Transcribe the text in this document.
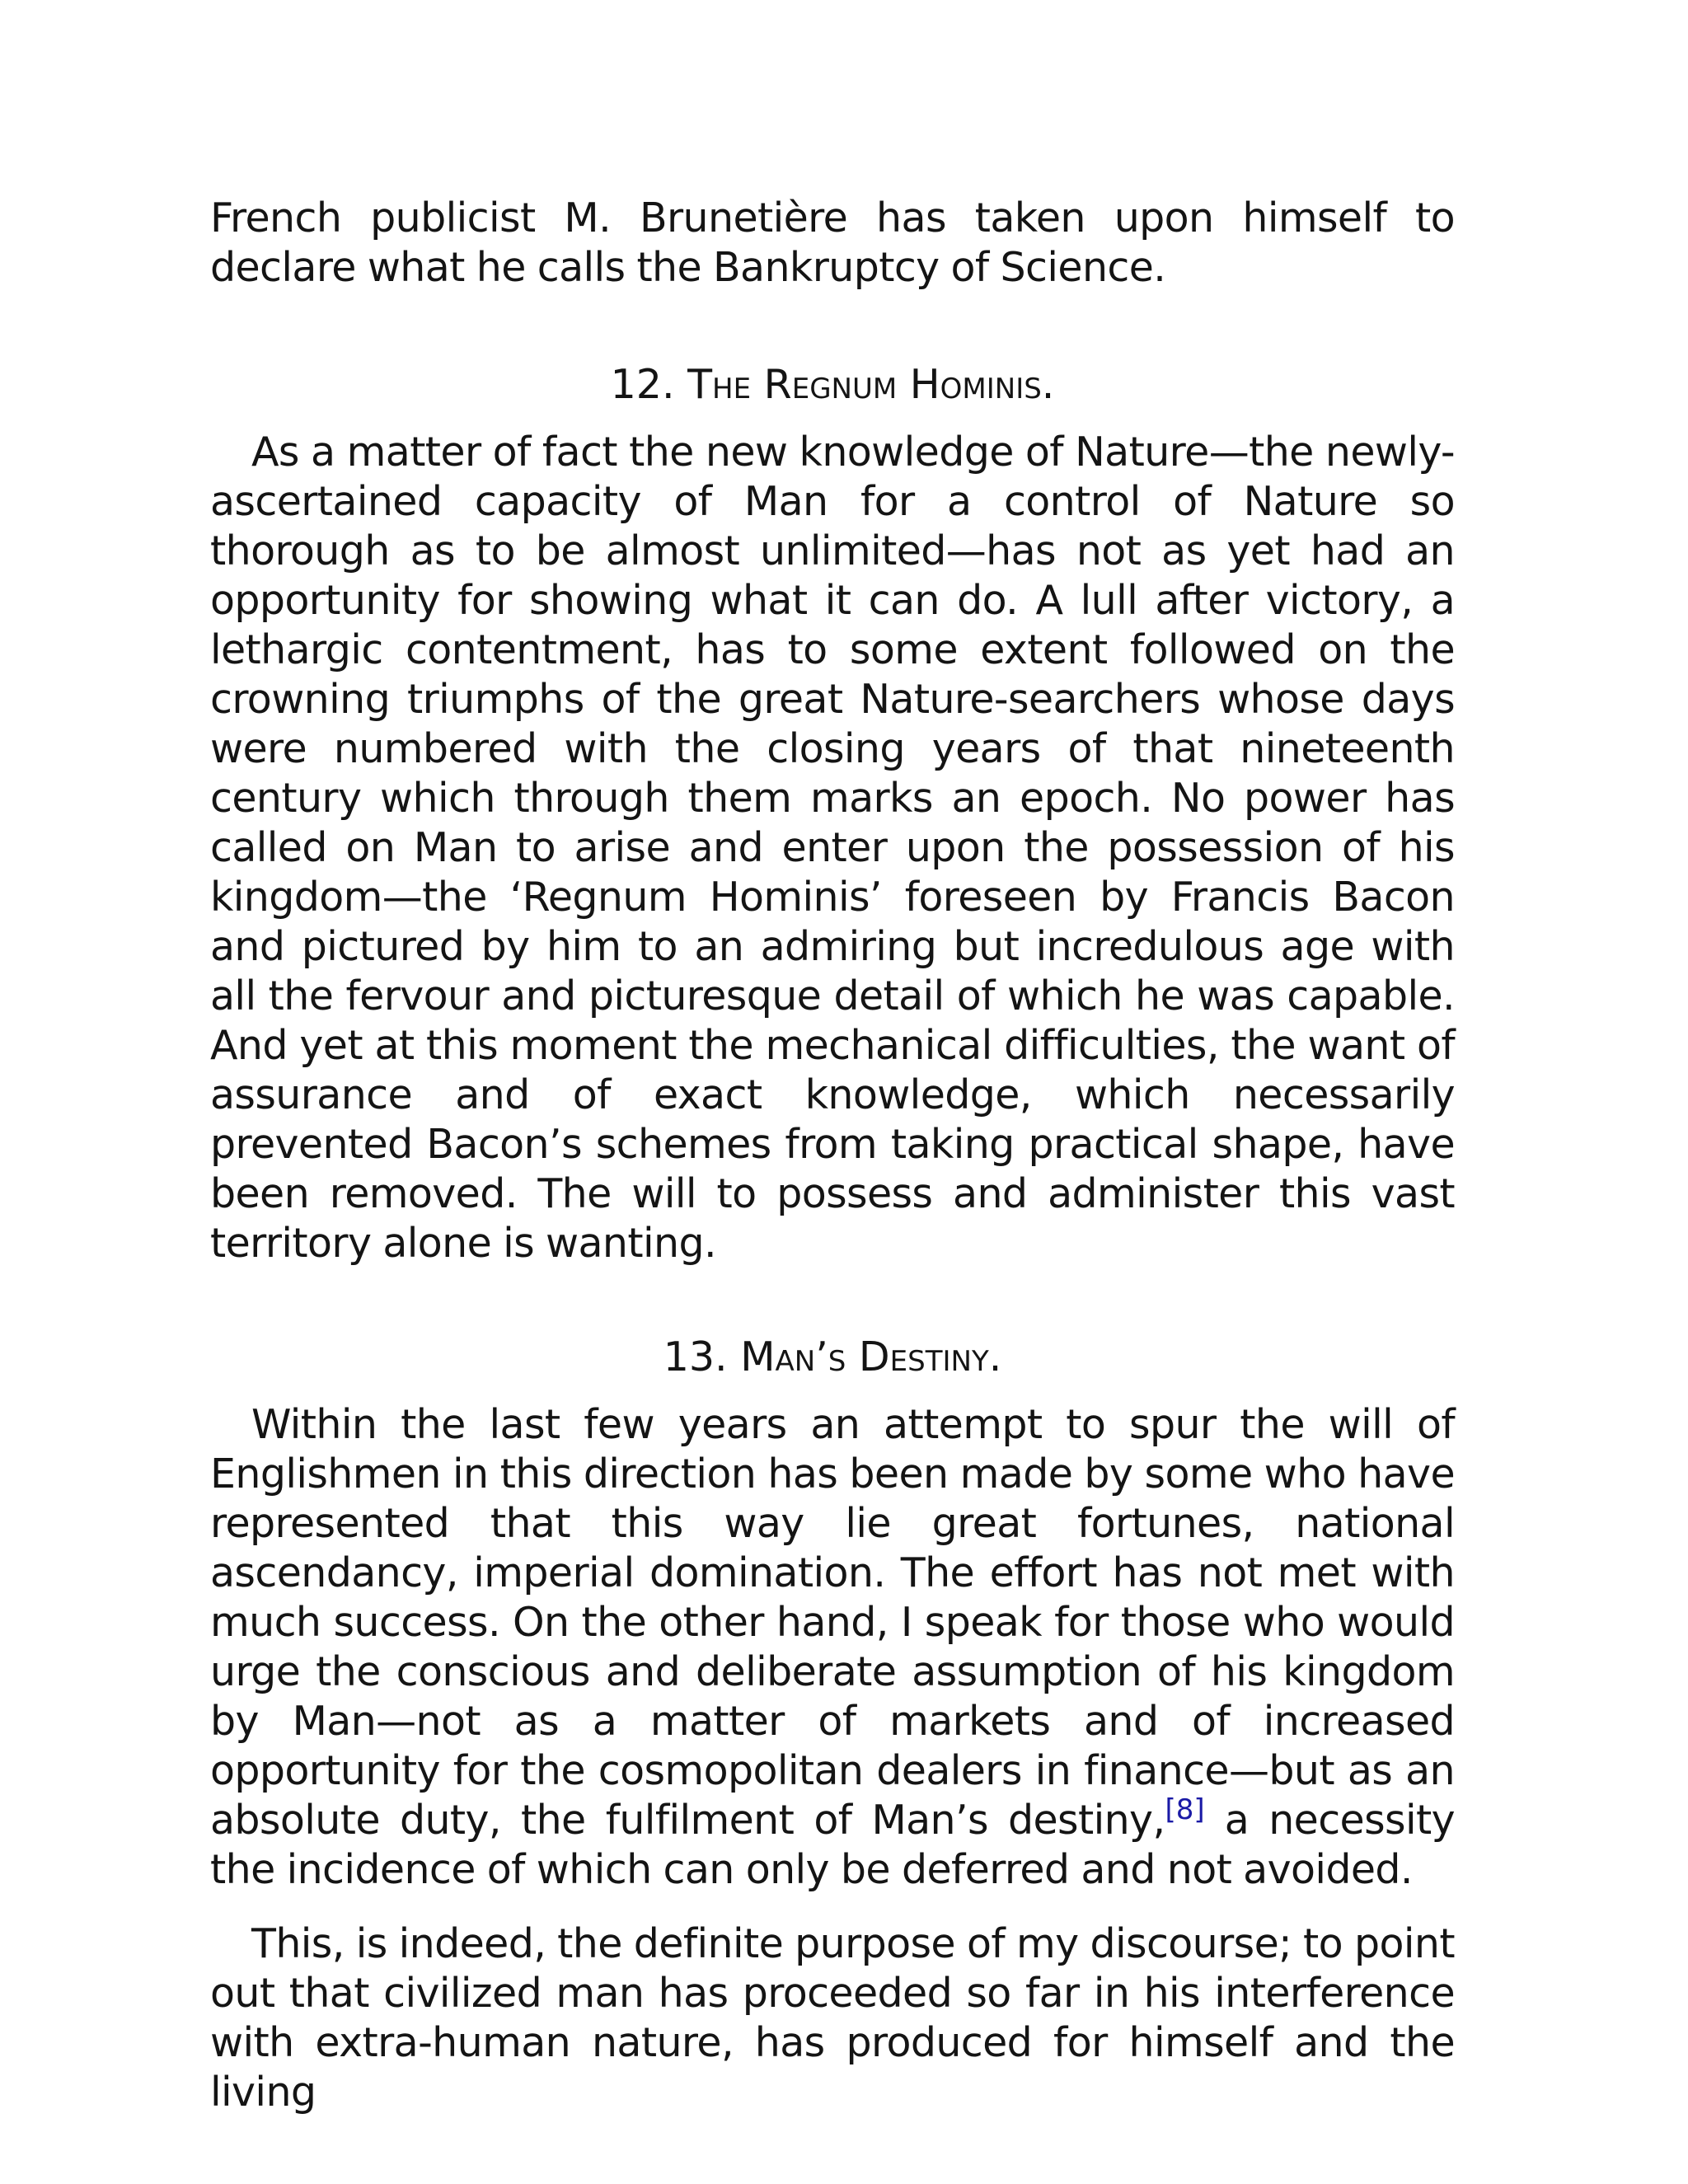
French publicist M. Brunetière has taken upon himself to declare what he calls the Bankruptcy of Science.

12. The Regnum Hominis.

As a matter of fact the new knowledge of Nature—the newly-ascertained capacity of Man for a control of Nature so thorough as to be almost unlimited—has not as yet had an opportunity for showing what it can do. A lull after victory, a lethargic contentment, has to some extent followed on the crowning triumphs of the great Nature-searchers whose days were numbered with the closing years of that nineteenth century which through them marks an epoch. No power has called on Man to arise and enter upon the possession of his kingdom—the ‘Regnum Hominis’ foreseen by Francis Bacon and pictured by him to an admiring but incredulous age with all the fervour and picturesque detail of which he was capable. And yet at this moment the mechanical difficulties, the want of assurance and of exact knowledge, which necessarily prevented Bacon’s schemes from taking practical shape, have been removed. The will to possess and administer this vast territory alone is wanting.

13. Man’s Destiny.

Within the last few years an attempt to spur the will of Englishmen in this direction has been made by some who have represented that this way lie great fortunes, national ascendancy, imperial domination. The effort has not met with much success. On the other hand, I speak for those who would urge the conscious and deliberate assumption of his kingdom by Man—not as a matter of markets and of increased opportunity for the cosmopolitan dealers in finance—but as an absolute duty, the fulfilment of Man’s destiny,[8] a necessity the incidence of which can only be deferred and not avoided.

This, is indeed, the definite purpose of my discourse; to point out that civilized man has proceeded so far in his interference with extra-human nature, has produced for himself and the living
